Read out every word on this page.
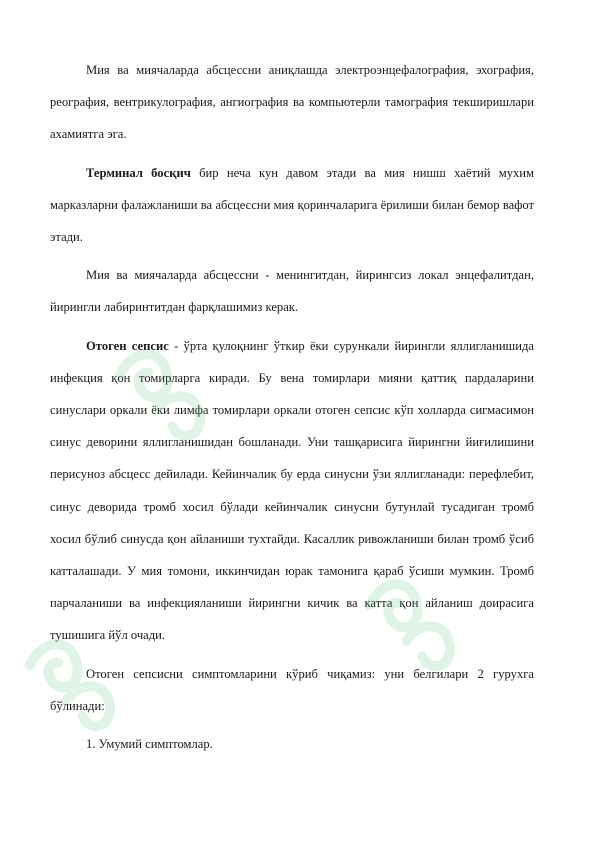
Мия ва миячаларда абсцессни аниқлашда электроэнцефалография, эхография, реография, вентрикулография, ангиография ва компьютерли тамография текширишлари ахамиятга эга.

Терминал босқич бир неча кун давом этади ва мия нишш хаётий мухим марказларни фалажланиши ва абсцессни мия қоринчаларига ёрилиши билан бемор вафот этади.

Мия ва миячаларда абсцессни - менингитдан, йирингсиз локал энцефалитдан, йирингли лабиринтитдан фарқлашимиз керак.

Отоген сепсис - ўрта қулоқнинг ўткир ёки сурункали йирингли яллигланишида инфекция қон томирларга киради. Бу вена томирлари мияни қаттиқ пардаларини синуслари оркали ёки лимфа томирлари оркали отоген сепсис кўп холларда сигмасимон синус деворини яллигланишидан бошланади. Уни ташқарисига йирингни йиғилишини перисуноз абсцесс дейилади. Кейинчалик бу ерда синусни ўзи яллигланади: перефлебит, синус деворида тромб хосил бўлади кейинчалик синусни бутунлай тусадиган тромб хосил бўлиб синусда қон айланиши тухтайди. Касаллик ривожланиши билан тромб ўсиб катталашади. У мия томони, иккинчидан юрак тамонига қараб ўсиши мумкин. Тромб парчаланиши ва инфекцияланиши йирингни кичик ва катта қон айланиш доирасига тушишига йўл очади.

Отоген сепсисни симптомларини кўриб чиқамиз: уни белгилари 2 гурухга бўлинади:

1. Умумий симптомлар.
